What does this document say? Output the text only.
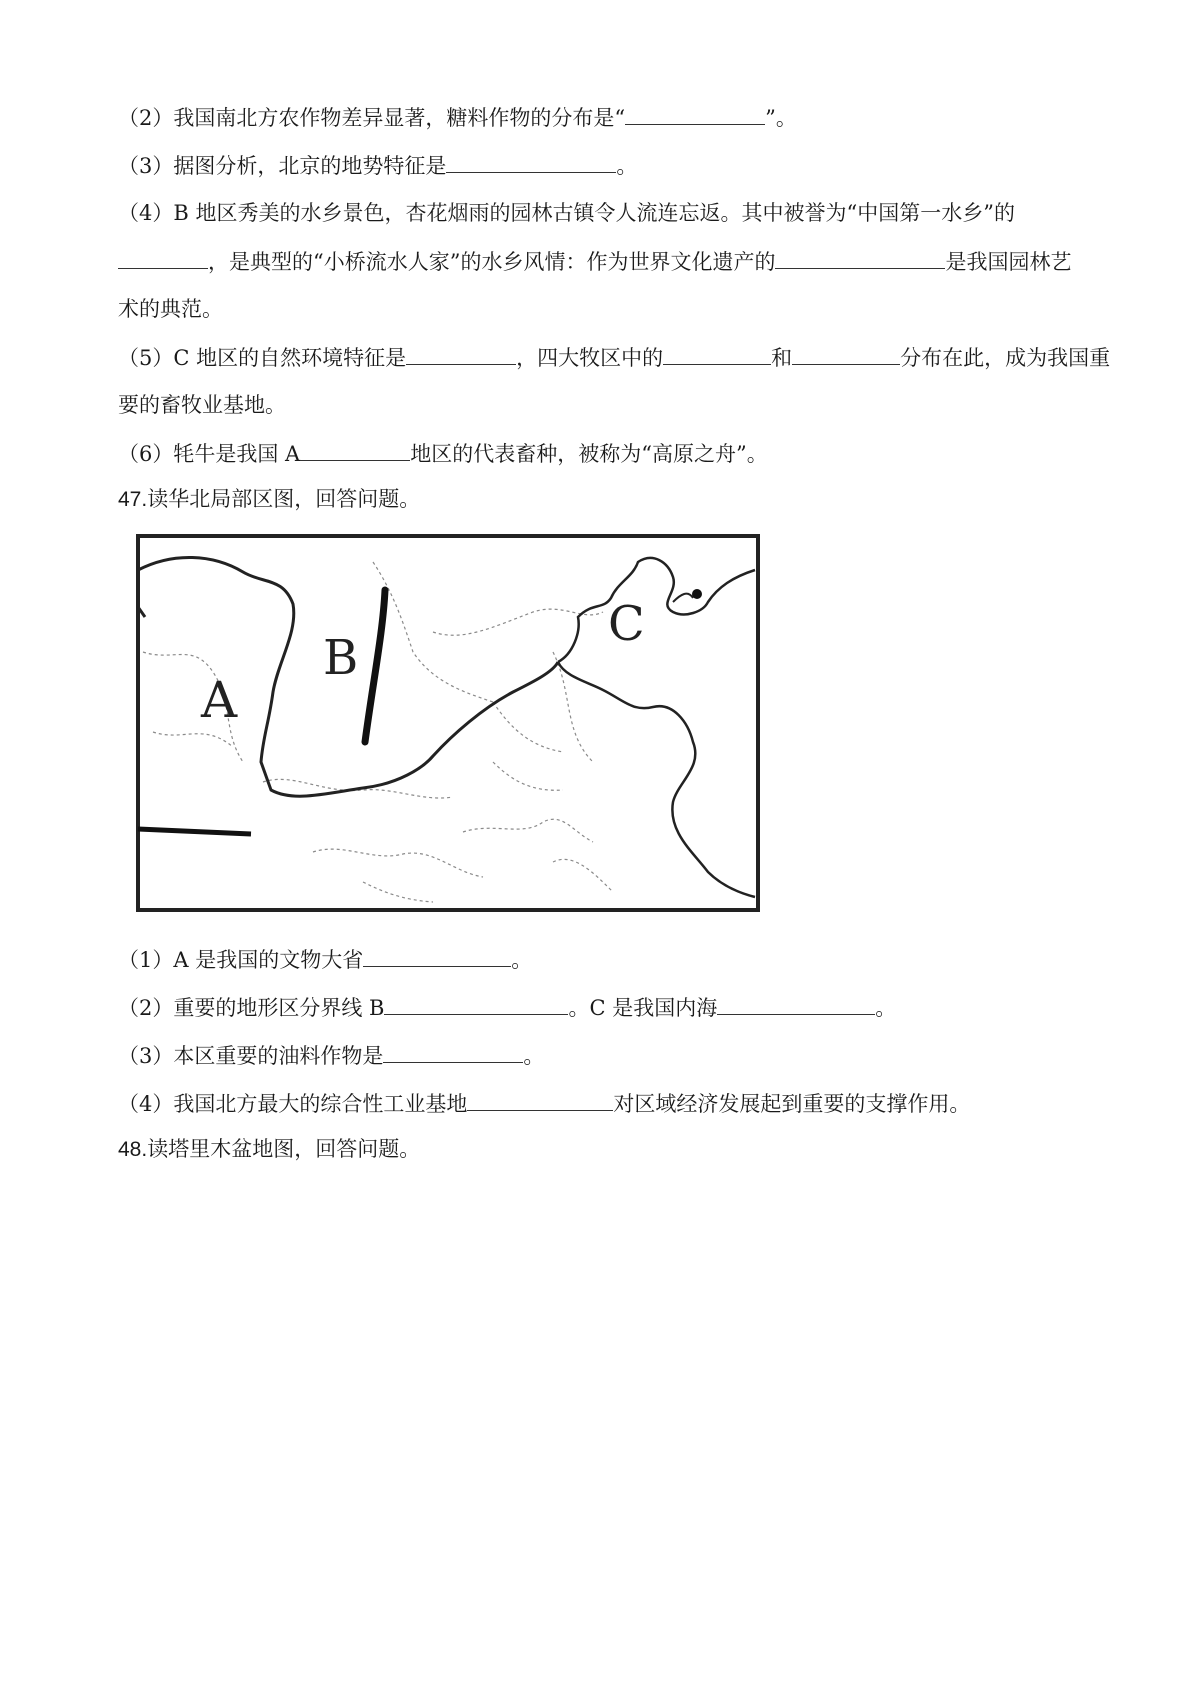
（2）我国南北方农作物差异显著，糖料作物的分布是“	”。
（3）据图分析，北京的地势特征是	。
（4）B 地区秀美的水乡景色，杏花烟雨的园林古镇令人流连忘返。其中被誉为“中国第一水乡”的
，是典型的“小桥流水人家”的水乡风情：作为世界文化遗产的	是我国园林艺
术的典范。
（5）C 地区的自然环境特征是	，四大牧区中的	和	分布在此，成为我国重
要的畜牧业基地。
（6）牦牛是我国 A	地区的代表畜种，被称为“高原之舟”。
47.读华北局部区图，回答问题。
A
B
C
（1）A 是我国的文物大省	。
（2）重要的地形区分界线 B	。C 是我国内海	。
（3）本区重要的油料作物是	。
（4）我国北方最大的综合性工业基地	对区域经济发展起到重要的支撑作用。
48.读塔里木盆地图，回答问题。
